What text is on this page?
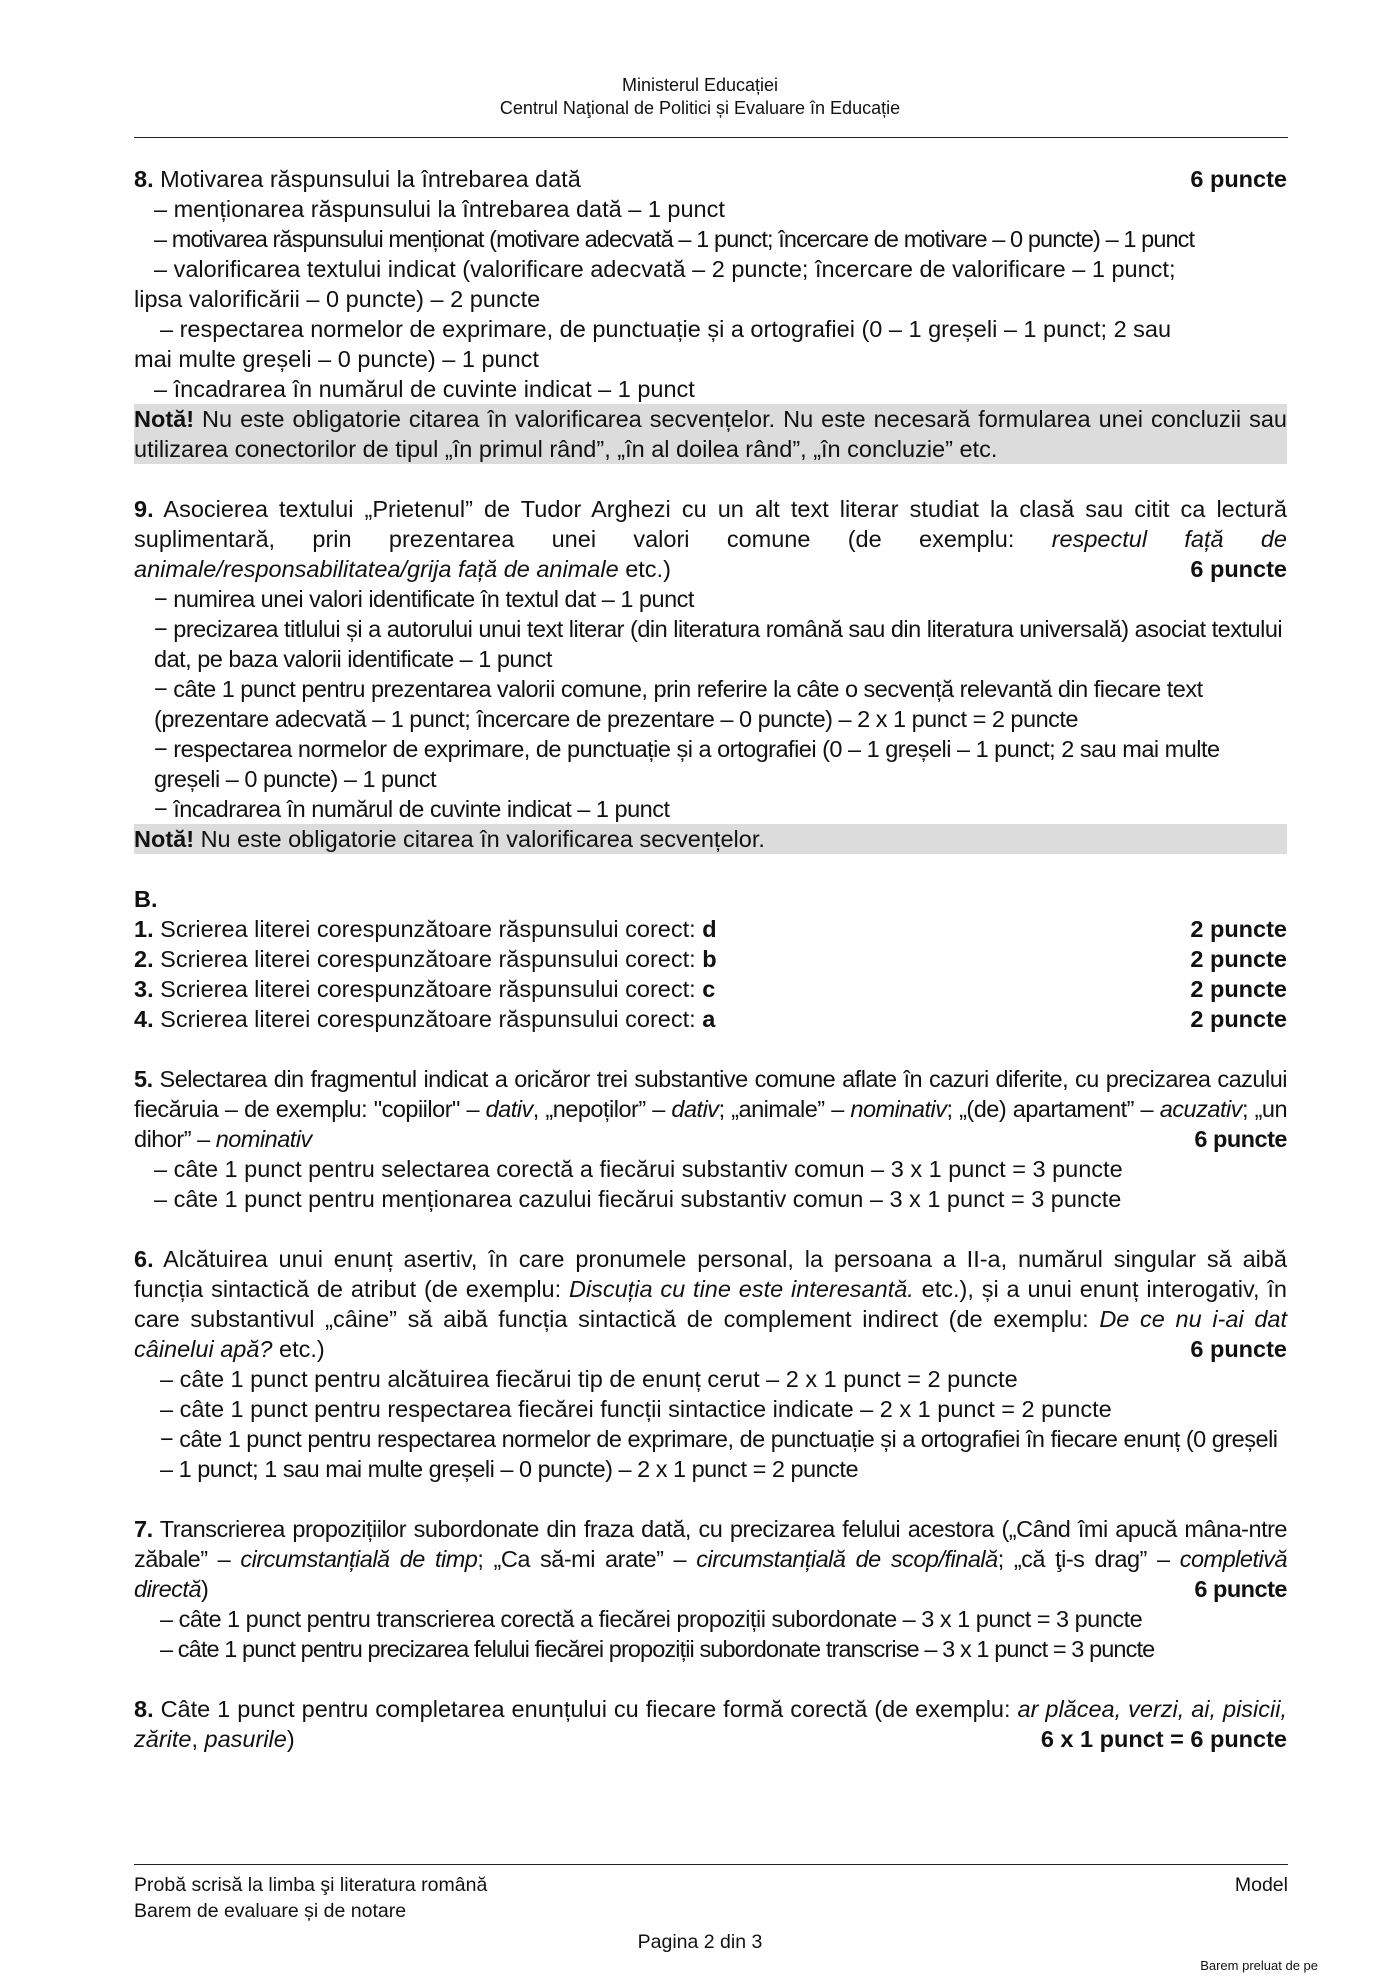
Ministerul Educației
Centrul Naţional de Politici și Evaluare în Educație
8. Motivarea răspunsului la întrebarea dată	6 puncte

– menționarea răspunsului la întrebarea dată – 1 punct

– motivarea răspunsului menționat (motivare adecvată – 1 punct; încercare de motivare – 0 puncte) – 1 punct

– valorificarea textului indicat (valorificare adecvată – 2 puncte; încercare de valorificare – 1 punct;

lipsa valorificării – 0 puncte) – 2 puncte

– respectarea normelor de exprimare, de punctuație și a ortografiei (0 – 1 greșeli – 1 punct; 2 sau

mai multe greșeli – 0 puncte) – 1 punct

– încadrarea în numărul de cuvinte indicat – 1 punct

Notă! Nu este obligatorie citarea în valorificarea secvențelor. Nu este necesară formularea unei concluzii sau utilizarea conectorilor de tipul „în primul rând”, „în al doilea rând”, „în concluzie” etc.

9. Asocierea textului „Prietenul” de Tudor Arghezi cu un alt text literar studiat la clasă sau citit ca lectură suplimentară, prin prezentarea unei valori comune (de exemplu: respectul față de animale/responsabilitatea/grija față de animale etc.)	6 puncte

− numirea unei valori identificate în textul dat – 1 punct

− precizarea titlului și a autorului unui text literar (din literatura română sau din literatura universală) asociat textului dat, pe baza valorii identificate – 1 punct

− câte 1 punct pentru prezentarea valorii comune, prin referire la câte o secvență relevantă din fiecare text (prezentare adecvată – 1 punct; încercare de prezentare – 0 puncte) – 2 x 1 punct = 2 puncte

− respectarea normelor de exprimare, de punctuație și a ortografiei (0 – 1 greșeli – 1 punct; 2 sau mai multe greșeli – 0 puncte) – 1 punct

− încadrarea în numărul de cuvinte indicat – 1 punct

Notă! Nu este obligatorie citarea în valorificarea secvențelor.

B.

1. Scrierea literei corespunzătoare răspunsului corect: d	2 puncte
2. Scrierea literei corespunzătoare răspunsului corect: b	2 puncte
3. Scrierea literei corespunzătoare răspunsului corect: c	2 puncte
4. Scrierea literei corespunzătoare răspunsului corect: a	2 puncte

5. Selectarea din fragmentul indicat a oricăror trei substantive comune aflate în cazuri diferite, cu precizarea cazului fiecăruia – de exemplu: "copiilor" – dativ, „nepoților” – dativ; „animale” – nominativ; „(de) apartament” – acuzativ; „un dihor” – nominativ	6 puncte

– câte 1 punct pentru selectarea corectă a fiecărui substantiv comun – 3 x 1 punct = 3 puncte

– câte 1 punct pentru menționarea cazului fiecărui substantiv comun – 3 x 1 punct = 3 puncte

6. Alcătuirea unui enunț asertiv, în care pronumele personal, la persoana a II-a, numărul singular să aibă funcția sintactică de atribut (de exemplu: Discuția cu tine este interesantă. etc.), și a unui enunț interogativ, în care substantivul „câine” să aibă funcția sintactică de complement indirect (de exemplu: De ce nu i-ai dat câinelui apă? etc.)	6 puncte

– câte 1 punct pentru alcătuirea fiecărui tip de enunț cerut – 2 x 1 punct = 2 puncte

– câte 1 punct pentru respectarea fiecărei funcții sintactice indicate – 2 x 1 punct = 2 puncte

− câte 1 punct pentru respectarea normelor de exprimare, de punctuație și a ortografiei în fiecare enunț (0 greșeli – 1 punct; 1 sau mai multe greșeli – 0 puncte) – 2 x 1 punct = 2 puncte

7. Transcrierea propozițiilor subordonate din fraza dată, cu precizarea felului acestora („Când îmi apucă mâna-ntre zăbale” – circumstanțială de timp; „Ca să-mi arate” – circumstanțială de scop/finală; „că ţi-s drag” – completivă directă)	6 puncte

– câte 1 punct pentru transcrierea corectă a fiecărei propoziții subordonate – 3 x 1 punct = 3 puncte

– câte 1 punct pentru precizarea felului fiecărei propoziții subordonate transcrise – 3 x 1 punct = 3 puncte

8. Câte 1 punct pentru completarea enunțului cu fiecare formă corectă (de exemplu: ar plăcea, verzi, ai, pisicii, zărite, pasurile)	6 x 1 punct = 6 puncte

Probă scrisă la limba şi literatura română	Model
Barem de evaluare și de notare
Pagina 2 din 3
Barem preluat de pe
